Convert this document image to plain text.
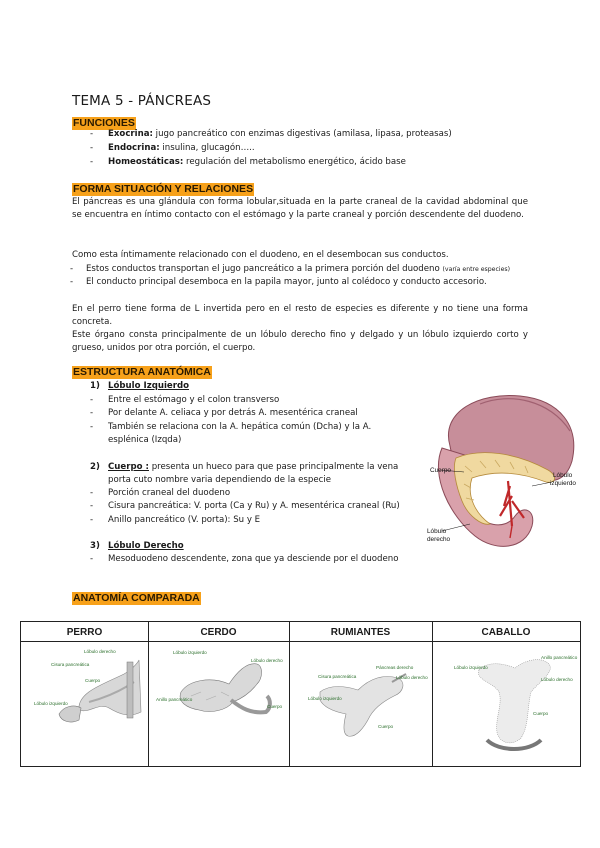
TEMA 5 - PÁNCREAS
FUNCIONES
- Exocrina: jugo pancreático con enzimas digestivas (amilasa, lipasa, proteasas)
- Endocrina: insulina, glucagón…..
- Homeostáticas: regulación del metabolismo energético, ácido base
FORMA SITUACIÓN Y RELACIONES
El páncreas es una glándula con forma lobular,situada en la parte craneal de la cavidad abdominal que se encuentra en íntimo contacto con el estómago y la parte craneal y porción descendente del duodeno.
Como esta íntimamente relacionado con el duodeno, en el desembocan sus conductos.
- Estos conductos transportan el jugo pancreático a la primera porción del duodeno (varía entre especies)
- El conducto principal desemboca en la papila mayor, junto al colédoco y conducto accesorio.
En el perro tiene forma de L invertida pero en el resto de especies es diferente y no tiene una forma concreta.
Este órgano consta principalmente de un lóbulo derecho fino y delgado y un lóbulo izquierdo corto y grueso, unidos por otra porción, el cuerpo.
ESTRUCTURA ANATÓMICA
1) Lóbulo Izquierdo
- Entre el estómago y el colon transverso
- Por delante A. celiaca y por detrás A. mesentérica craneal
- También se relaciona con la A. hepática común (Dcha) y la A.
esplénica (Izqda)
2) Cuerpo : presenta un hueco para que pase principalmente la vena
porta cuto nombre varia dependiendo de la especie
- Porción craneal del duodeno
- Cisura pancreática: V. porta (Ca y Ru) y A. mesentérica craneal (Ru)
- Anillo pancreático (V. porta): Su y E
3) Lóbulo Derecho
- Mesoduodeno descendente, zona que ya desciende por el duodeno
Cuerpo
Lóbulo
izquierdo
Lóbulo
derecho
ANATOMÍA COMPARADA
PERRO	CERDO	RUMIANTES	CABALLO
Lóbulo derecho
Cisura pancreática
Cuerpo
Lóbulo izquierdo
Lóbulo izquierdo
Lóbulo derecho
Anillo pancreático
Cuerpo
Páncreas derecho
Cisura pancreática	Lóbulo derecho
Lóbulo izquierdo
Cuerpo
Lóbulo izquierdo
Anillo pancreático
Lóbulo derecho
Cuerpo
